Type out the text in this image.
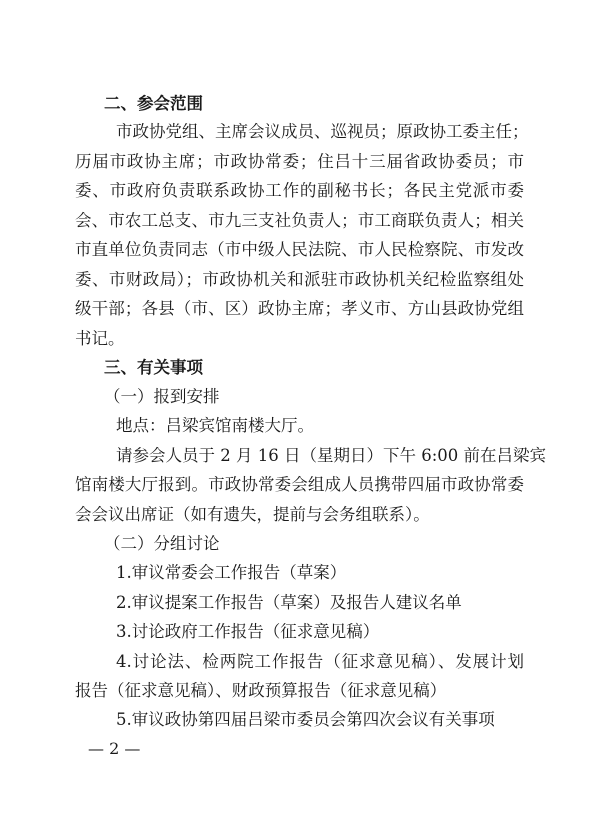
二、参会范围

市政协党组、主席会议成员、巡视员；原政协工委主任；

历届市政协主席；市政协常委；住吕十三届省政协委员；市

委、市政府负责联系政协工作的副秘书长；各民主党派市委

会、市农工总支、市九三支社负责人；市工商联负责人；相关

市直单位负责同志（市中级人民法院、市人民检察院、市发改

委、市财政局）；市政协机关和派驻市政协机关纪检监察组处

级干部；各县（市、区）政协主席；孝义市、方山县政协党组

书记。

三、有关事项
（一）报到安排

地点：吕梁宾馆南楼大厅。

请参会人员于 2 月 16 日（星期日）下午 6:00 前在吕梁宾

馆南楼大厅报到。市政协常委会组成人员携带四届市政协常委

会会议出席证（如有遗失，提前与会务组联系）。

（二）分组讨论

1.审议常委会工作报告（草案）

2.审议提案工作报告（草案）及报告人建议名单

3.讨论政府工作报告（征求意见稿）

4.讨论法、检两院工作报告（征求意见稿）、发展计划

报告（征求意见稿）、财政预算报告（征求意见稿）

5.审议政协第四届吕梁市委员会第四次会议有关事项

— 2 —
